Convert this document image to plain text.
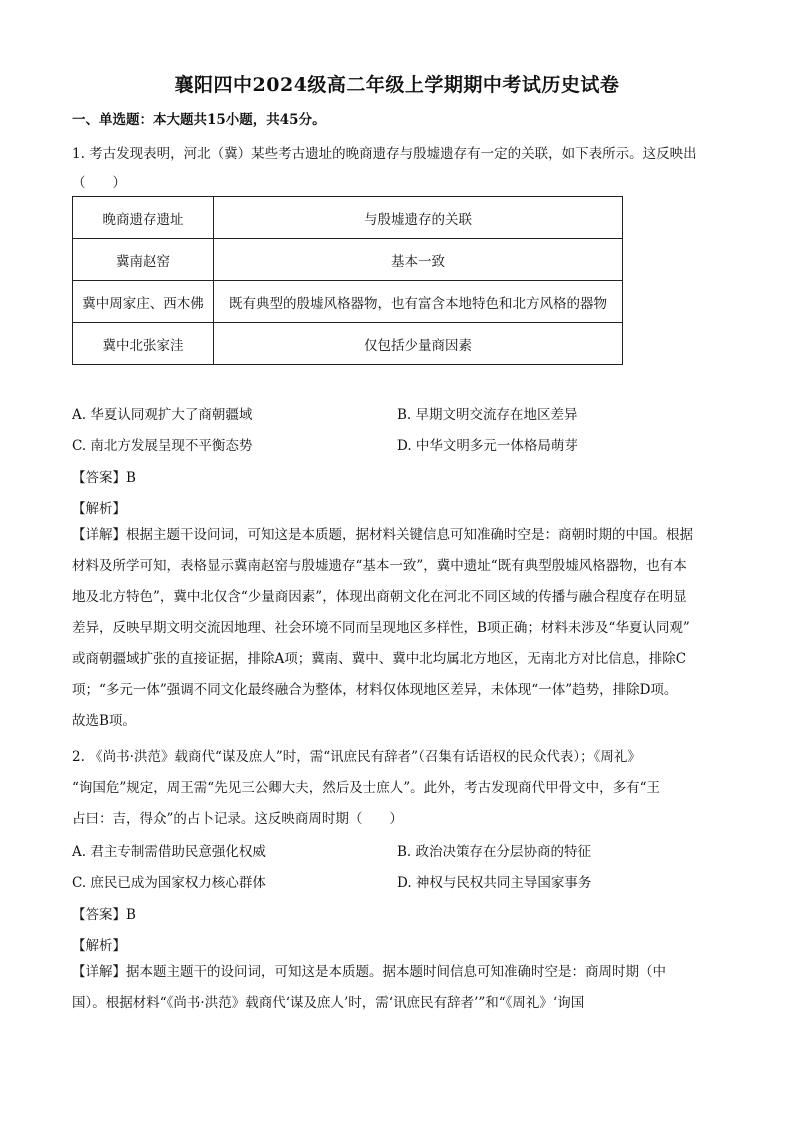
襄阳四中2024级高二年级上学期期中考试历史试卷
一、单选题：本大题共15小题，共45分。
1. 考古发现表明，河北（冀）某些考古遗址的晚商遗存与殷墟遗存有一定的关联，如下表所示。这反映出
（　　）
晚商遗存遗址	与殷墟遗存的关联
冀南赵窑	基本一致
冀中周家庄、西木佛	既有典型的殷墟风格器物，也有富含本地特色和北方风格的器物
冀中北张家洼	仅包括少量商因素
A. 华夏认同观扩大了商朝疆域	B. 早期文明交流存在地区差异
C. 南北方发展呈现不平衡态势	D. 中华文明多元一体格局萌芽
【答案】B
【解析】
【详解】根据主题干设问词，可知这是本质题，据材料关键信息可知准确时空是：商朝时期的中国。根据
材料及所学可知，表格显示冀南赵窑与殷墟遗存“基本一致”，冀中遗址“既有典型殷墟风格器物，也有本
地及北方特色”，冀中北仅含“少量商因素”，体现出商朝文化在河北不同区域的传播与融合程度存在明显
差异，反映早期文明交流因地理、社会环境不同而呈现地区多样性，B项正确；材料未涉及“华夏认同观”
或商朝疆域扩张的直接证据，排除A项；冀南、冀中、冀中北均属北方地区，无南北方对比信息，排除C
项；“多元一体”强调不同文化最终融合为整体，材料仅体现地区差异，未体现“一体”趋势，排除D项。
故选B项。
2. 《尚书·洪范》载商代“谋及庶人”时，需“讯庶民有辞者”（召集有话语权的民众代表）；《周礼》
“询国危”规定，周王需“先见三公卿大夫，然后及士庶人”。此外，考古发现商代甲骨文中，多有“王
占曰：吉，得众”的占卜记录。这反映商周时期（　　）
A. 君主专制需借助民意强化权威	B. 政治决策存在分层协商的特征
C. 庶民已成为国家权力核心群体	D. 神权与民权共同主导国家事务
【答案】B
【解析】
【详解】据本题主题干的设问词，可知这是本质题。据本题时间信息可知准确时空是：商周时期（中
国）。根据材料“《尚书·洪范》载商代‘谋及庶人’时，需‘讯庶民有辞者’”和“《周礼》‘询国
